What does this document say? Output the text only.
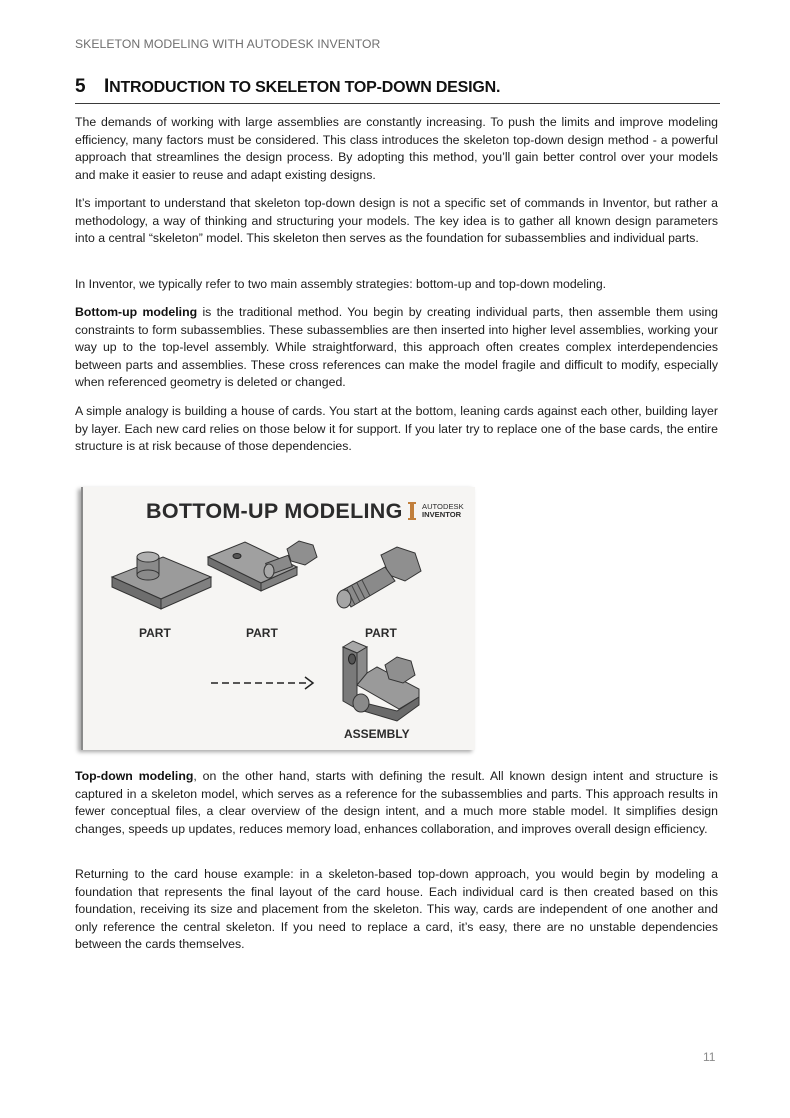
SKELETON MODELING WITH AUTODESK INVENTOR
5 INTRODUCTION TO SKELETON TOP-DOWN DESIGN.

The demands of working with large assemblies are constantly increasing. To push the limits and improve modeling efficiency, many factors must be considered. This class introduces the skeleton top-down design method - a powerful approach that streamlines the design process. By adopting this method, you’ll gain better control over your models and make it easier to reuse and adapt existing designs.

It’s important to understand that skeleton top-down design is not a specific set of commands in Inventor, but rather a methodology, a way of thinking and structuring your models. The key idea is to gather all known design parameters into a central “skeleton” model. This skeleton then serves as the foundation for subassemblies and individual parts.

In Inventor, we typically refer to two main assembly strategies: bottom-up and top-down modeling.

Bottom-up modeling is the traditional method. You begin by creating individual parts, then assemble them using constraints to form subassemblies. These subassemblies are then inserted into higher level assemblies, working your way up to the top-level assembly. While straightforward, this approach often creates complex interdependencies between parts and assemblies. These cross references can make the model fragile and difficult to modify, especially when referenced geometry is deleted or changed.

A simple analogy is building a house of cards. You start at the bottom, leaning cards against each other, building layer by layer. Each new card relies on those below it for support. If you later try to replace one of the base cards, the entire structure is at risk because of those dependencies.

BOTTOM-UP MODELING	AUTODESK
INVENTOR
PART	PART	PART
ASSEMBLY

Top-down modeling, on the other hand, starts with defining the result. All known design intent and structure is captured in a skeleton model, which serves as a reference for the subassemblies and parts. This approach results in fewer conceptual files, a clear overview of the design intent, and a much more stable model. It simplifies design changes, speeds up updates, reduces memory load, enhances collaboration, and improves overall design efficiency.

Returning to the card house example: in a skeleton-based top-down approach, you would begin by modeling a foundation that represents the final layout of the card house. Each individual card is then created based on this foundation, receiving its size and placement from the skeleton. This way, cards are independent of one another and only reference the central skeleton. If you need to replace a card, it’s easy, there are no unstable dependencies between the cards themselves.

11
